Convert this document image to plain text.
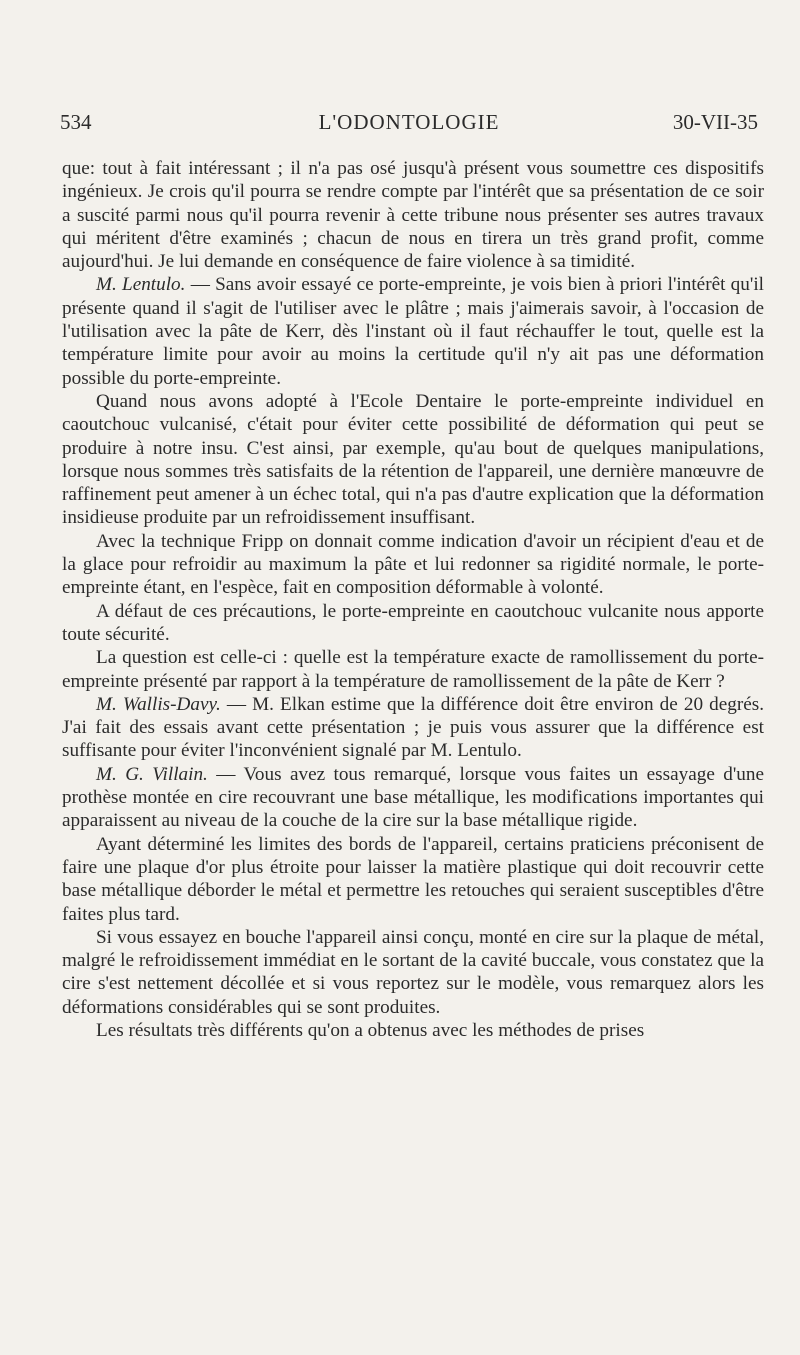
534	L'ODONTOLOGIE	30-VII-35

que: tout à fait intéressant ; il n'a pas osé jusqu'à présent vous soumettre ces dispositifs ingénieux. Je crois qu'il pourra se rendre compte par l'intérêt que sa présentation de ce soir a suscité parmi nous qu'il pourra revenir à cette tribune nous présenter ses autres travaux qui méritent d'être examinés ; chacun de nous en tirera un très grand profit, comme aujourd'hui. Je lui demande en conséquence de faire violence à sa timidité.

M. Lentulo. — Sans avoir essayé ce porte-empreinte, je vois bien à priori l'intérêt qu'il présente quand il s'agit de l'utiliser avec le plâtre ; mais j'aimerais savoir, à l'occasion de l'utilisation avec la pâte de Kerr, dès l'instant où il faut réchauffer le tout, quelle est la température limite pour avoir au moins la certitude qu'il n'y ait pas une déformation possible du porte-empreinte.

Quand nous avons adopté à l'Ecole Dentaire le porte-empreinte individuel en caoutchouc vulcanisé, c'était pour éviter cette possibilité de déformation qui peut se produire à notre insu. C'est ainsi, par exemple, qu'au bout de quelques manipulations, lorsque nous sommes très satisfaits de la rétention de l'appareil, une dernière manœuvre de raffinement peut amener à un échec total, qui n'a pas d'autre explication que la déformation insidieuse produite par un refroidissement insuffisant.

Avec la technique Fripp on donnait comme indication d'avoir un récipient d'eau et de la glace pour refroidir au maximum la pâte et lui redonner sa rigidité normale, le porte-empreinte étant, en l'espèce, fait en composition déformable à volonté.

A défaut de ces précautions, le porte-empreinte en caoutchouc vulcanite nous apporte toute sécurité.

La question est celle-ci : quelle est la température exacte de ramollissement du porte-empreinte présenté par rapport à la température de ramollissement de la pâte de Kerr ?

M. Wallis-Davy. — M. Elkan estime que la différence doit être environ de 20 degrés. J'ai fait des essais avant cette présentation ; je puis vous assurer que la différence est suffisante pour éviter l'inconvénient signalé par M. Lentulo.

M. G. Villain. — Vous avez tous remarqué, lorsque vous faites un essayage d'une prothèse montée en cire recouvrant une base métallique, les modifications importantes qui apparaissent au niveau de la couche de la cire sur la base métallique rigide.

Ayant déterminé les limites des bords de l'appareil, certains praticiens préconisent de faire une plaque d'or plus étroite pour laisser la matière plastique qui doit recouvrir cette base métallique déborder le métal et permettre les retouches qui seraient susceptibles d'être faites plus tard.

Si vous essayez en bouche l'appareil ainsi conçu, monté en cire sur la plaque de métal, malgré le refroidissement immédiat en le sortant de la cavité buccale, vous constatez que la cire s'est nettement décollée et si vous reportez sur le modèle, vous remarquez alors les déformations considérables qui se sont produites.

Les résultats très différents qu'on a obtenus avec les méthodes de prises
